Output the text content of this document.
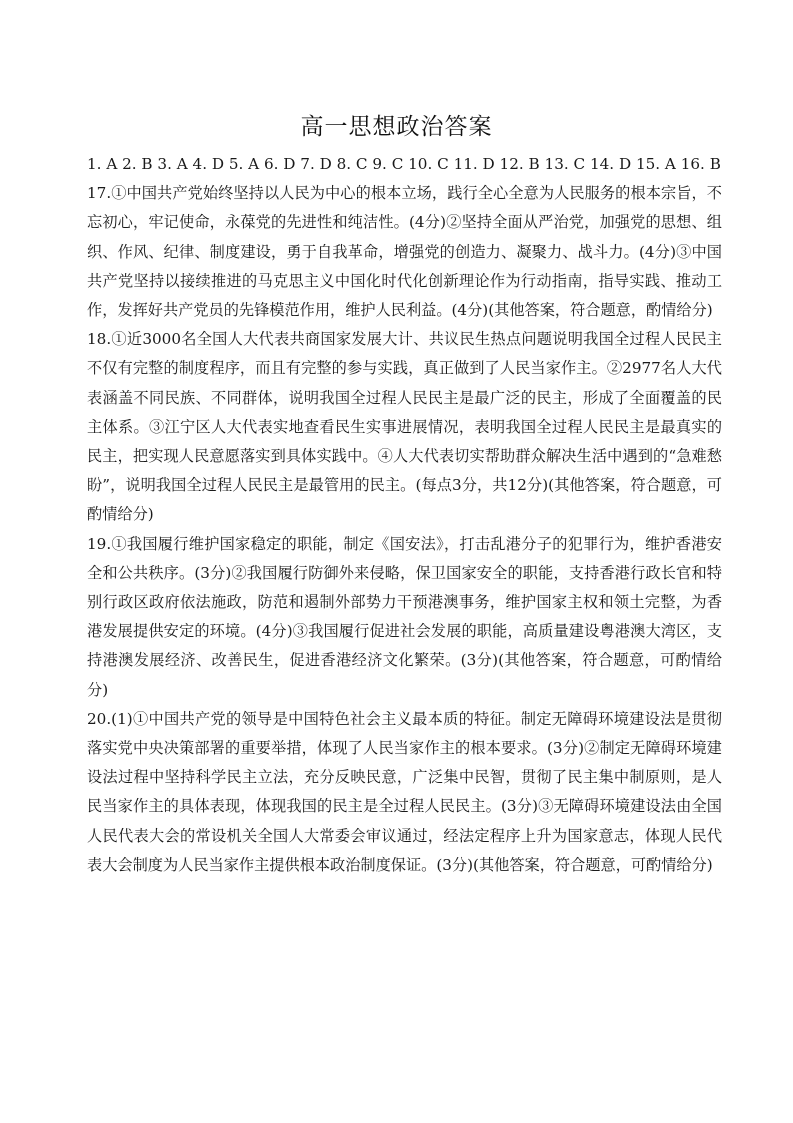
高一思想政治答案

1. A 2. B 3. A 4. D 5. A 6. D 7. D 8. C 9. C 10. C 11. D 12. B 13. C 14. D 15. A 16. B

17.①中国共产党始终坚持以人民为中心的根本立场，践行全心全意为人民服务的根本宗旨，不忘初心，牢记使命，永葆党的先进性和纯洁性。(4分)②坚持全面从严治党，加强党的思想、组织、作风、纪律、制度建设，勇于自我革命，增强党的创造力、凝聚力、战斗力。(4分)③中国共产党坚持以接续推进的马克思主义中国化时代化创新理论作为行动指南，指导实践、推动工作，发挥好共产党员的先锋模范作用，维护人民利益。(4分)(其他答案，符合题意，酌情给分)

18.①近3000名全国人大代表共商国家发展大计、共议民生热点问题说明我国全过程人民民主不仅有完整的制度程序，而且有完整的参与实践，真正做到了人民当家作主。②2977名人大代表涵盖不同民族、不同群体，说明我国全过程人民民主是最广泛的民主，形成了全面覆盖的民主体系。③江宁区人大代表实地查看民生实事进展情况，表明我国全过程人民民主是最真实的民主，把实现人民意愿落实到具体实践中。④人大代表切实帮助群众解决生活中遇到的“急难愁盼”，说明我国全过程人民民主是最管用的民主。(每点3分，共12分)(其他答案，符合题意，可酌情给分)

19.①我国履行维护国家稳定的职能，制定《国安法》，打击乱港分子的犯罪行为，维护香港安全和公共秩序。(3分)②我国履行防御外来侵略，保卫国家安全的职能，支持香港行政长官和特别行政区政府依法施政，防范和遏制外部势力干预港澳事务，维护国家主权和领土完整，为香港发展提供安定的环境。(4分)③我国履行促进社会发展的职能，高质量建设粤港澳大湾区，支持港澳发展经济、改善民生，促进香港经济文化繁荣。(3分)(其他答案，符合题意，可酌情给分)

20.(1)①中国共产党的领导是中国特色社会主义最本质的特征。制定无障碍环境建设法是贯彻落实党中央决策部署的重要举措，体现了人民当家作主的根本要求。(3分)②制定无障碍环境建设法过程中坚持科学民主立法，充分反映民意，广泛集中民智，贯彻了民主集中制原则，是人民当家作主的具体表现，体现我国的民主是全过程人民民主。(3分)③无障碍环境建设法由全国人民代表大会的常设机关全国人大常委会审议通过，经法定程序上升为国家意志，体现人民代表大会制度为人民当家作主提供根本政治制度保证。(3分)(其他答案，符合题意，可酌情给分)
